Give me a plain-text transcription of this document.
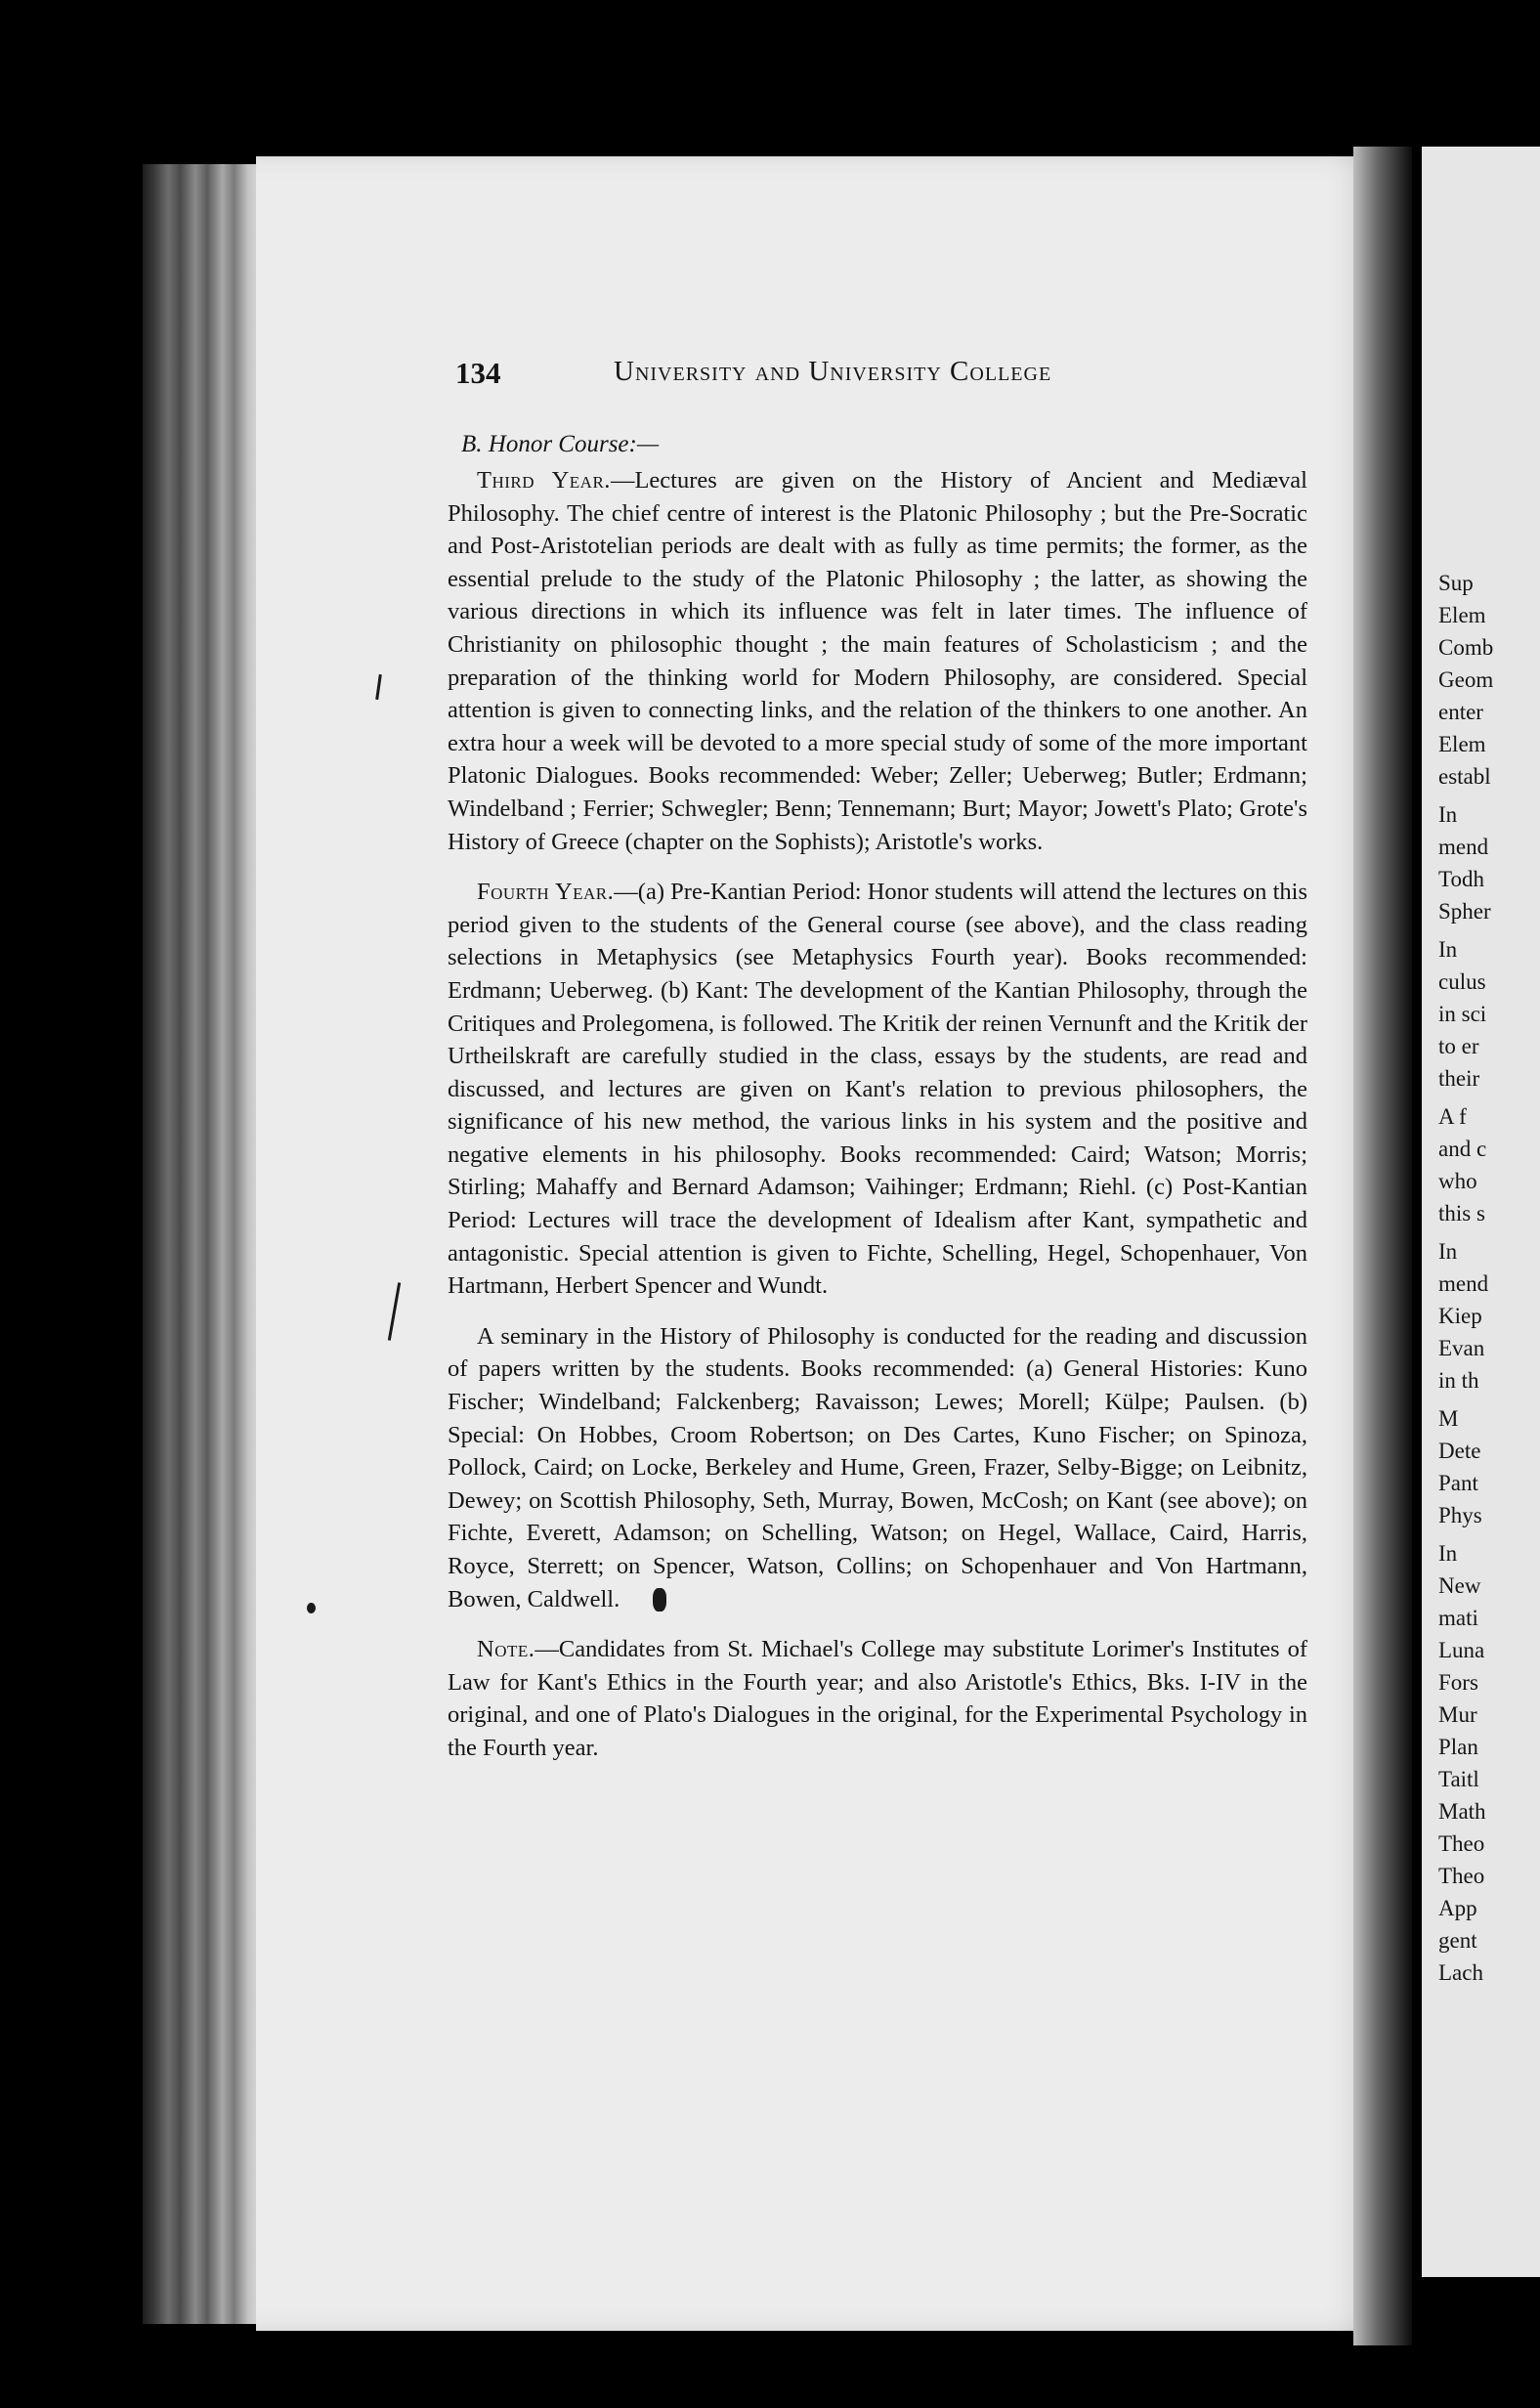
Sup
Elem
Comb
Geom
enter
Elem
establ
In
mend
Todh
Spher
In
culus
in sci
to er
their
A f
and c
who
this s
In
mend
Kiep
Evan
in th
M
Dete
Pant
Phys
In
New
mati
Luna
Fors
Mur
Plan
Taitl
Math
Theo
Theo
App
gent
Lach
134	University and University College
B. Honor Course:—

Third Year.—Lectures are given on the History of Ancient and Mediæval Philosophy. The chief centre of interest is the Platonic Philosophy ; but the Pre-Socratic and Post-Aristotelian periods are dealt with as fully as time permits; the former, as the essential prelude to the study of the Platonic Philosophy ; the latter, as showing the various directions in which its influence was felt in later times. The influence of Christianity on philosophic thought ; the main features of Scholasticism ; and the preparation of the thinking world for Modern Philosophy, are considered. Special attention is given to connecting links, and the relation of the thinkers to one another. An extra hour a week will be devoted to a more special study of some of the more important Platonic Dialogues. Books recommended: Weber; Zeller; Ueberweg; Butler; Erdmann; Windelband ; Ferrier; Schwegler; Benn; Tennemann; Burt; Mayor; Jowett's Plato; Grote's History of Greece (chapter on the Sophists); Aristotle's works.

Fourth Year.—(a) Pre-Kantian Period: Honor students will attend the lectures on this period given to the students of the General course (see above), and the class reading selections in Metaphysics (see Metaphysics Fourth year). Books recommended: Erdmann; Ueberweg. (b) Kant: The development of the Kantian Philosophy, through the Critiques and Prolegomena, is followed. The Kritik der reinen Vernunft and the Kritik der Urtheilskraft are carefully studied in the class, essays by the students, are read and discussed, and lectures are given on Kant's relation to previous philosophers, the significance of his new method, the various links in his system and the positive and negative elements in his philosophy. Books recommended: Caird; Watson; Morris; Stirling; Mahaffy and Bernard Adamson; Vaihinger; Erdmann; Riehl. (c) Post-Kantian Period: Lectures will trace the development of Idealism after Kant, sympathetic and antagonistic. Special attention is given to Fichte, Schelling, Hegel, Schopenhauer, Von Hartmann, Herbert Spencer and Wundt.

A seminary in the History of Philosophy is conducted for the reading and discussion of papers written by the students. Books recommended: (a) General Histories: Kuno Fischer; Windelband; Falckenberg; Ravaisson; Lewes; Morell; Külpe; Paulsen. (b) Special: On Hobbes, Croom Robertson; on Des Cartes, Kuno Fischer; on Spinoza, Pollock, Caird; on Locke, Berkeley and Hume, Green, Frazer, Selby-Bigge; on Leibnitz, Dewey; on Scottish Philosophy, Seth, Murray, Bowen, McCosh; on Kant (see above); on Fichte, Everett, Adamson; on Schelling, Watson; on Hegel, Wallace, Caird, Harris, Royce, Sterrett; on Spencer, Watson, Collins; on Schopenhauer and Von Hartmann, Bowen, Caldwell.

Note.—Candidates from St. Michael's College may substitute Lorimer's Institutes of Law for Kant's Ethics in the Fourth year; and also Aristotle's Ethics, Bks. I-IV in the original, and one of Plato's Dialogues in the original, for the Experimental Psychology in the Fourth year.
